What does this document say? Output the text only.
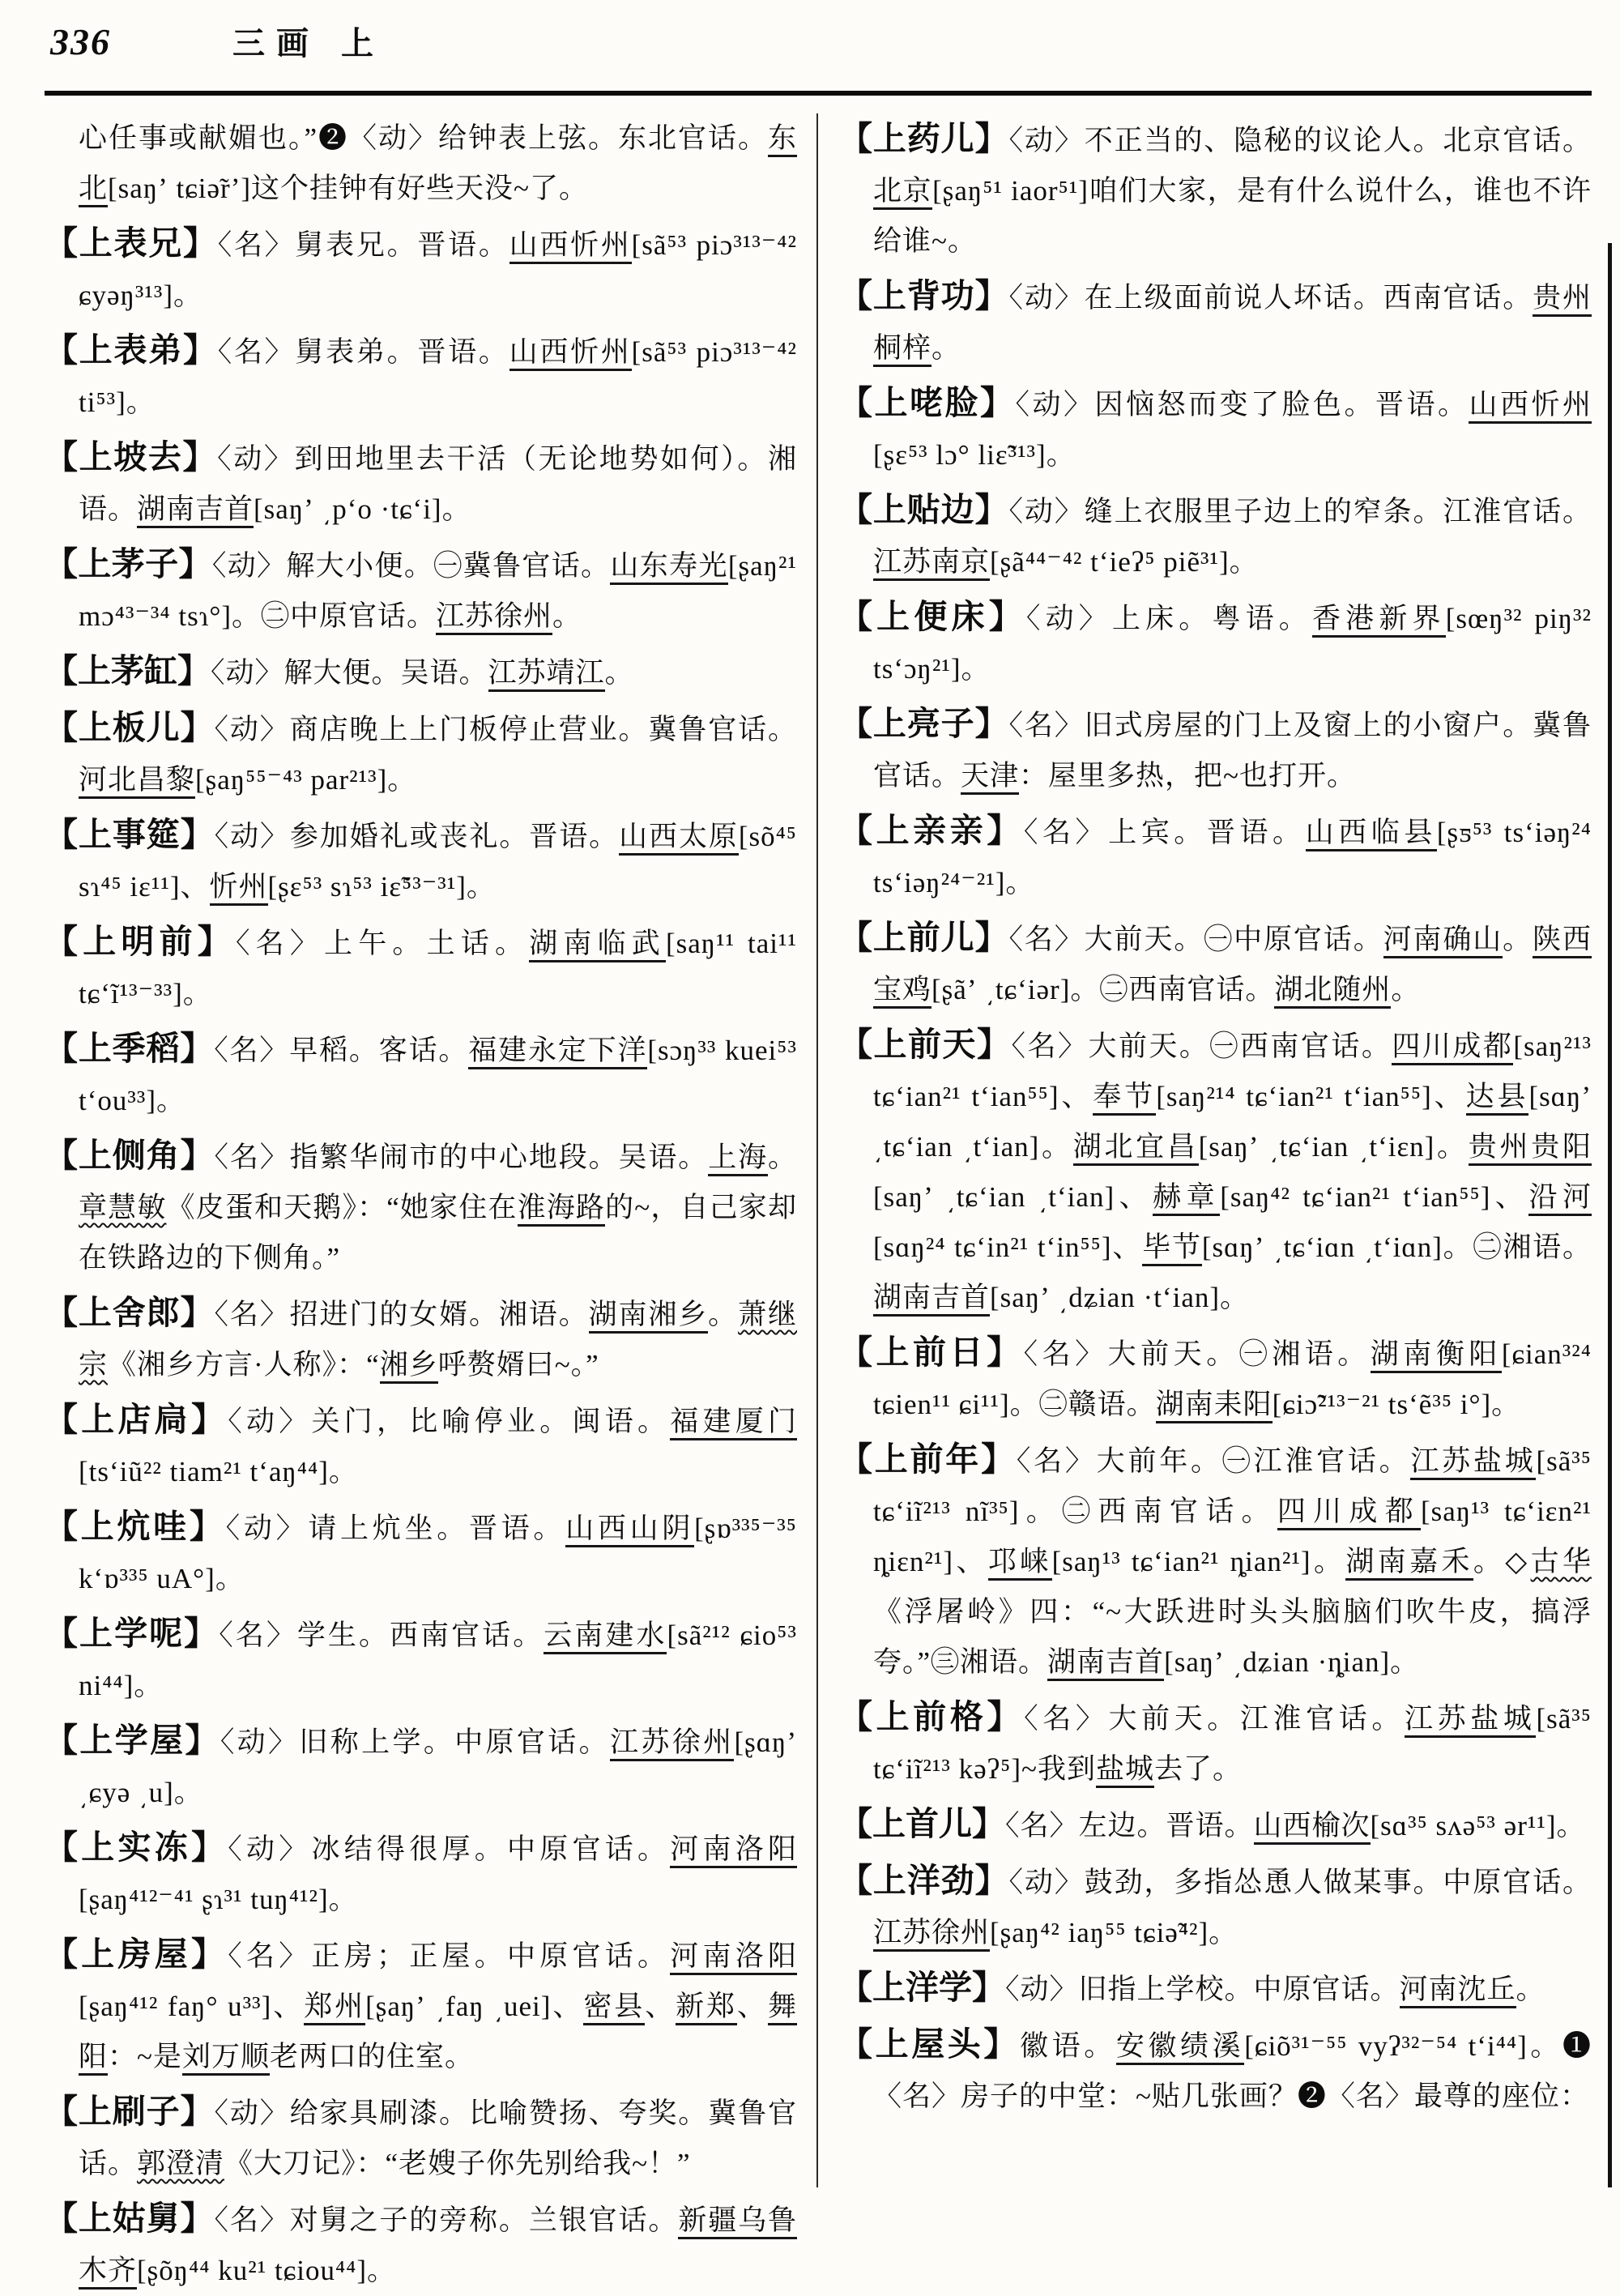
336	三画 上

心任事或献媚也。”❷〈动〉给钟表上弦。东北官话。东北[saŋʼ tɕiə̃rʼ]这个挂钟有好些天没~了。

【上表兄】〈名〉舅表兄。晋语。山西忻州[sã⁵³ piɔ³¹³⁻⁴² ɕyəŋ³¹³]。

【上表弟】〈名〉舅表弟。晋语。山西忻州[sã⁵³ piɔ³¹³⁻⁴² ti⁵³]。

【上坡去】〈动〉到田地里去干活（无论地势如何）。湘语。湖南吉首[saŋʼ ͵pʻo ·tɕʻi]。

【上茅子】〈动〉解大小便。㊀冀鲁官话。山东寿光[ʂaŋ²¹ mɔ⁴³⁻³⁴ tsɿ°]。㊁中原官话。江苏徐州。

【上茅缸】〈动〉解大便。吴语。江苏靖江。

【上板儿】〈动〉商店晚上上门板停止营业。冀鲁官话。河北昌黎[ʂaŋ⁵⁵⁻⁴³ par²¹³]。

【上事筵】〈动〉参加婚礼或丧礼。晋语。山西太原[sõ⁴⁵ sɿ⁴⁵ iɛ¹¹]、忻州[ʂɛ⁵³ sɿ⁵³ iɛ̃⁵³⁻³¹]。

【上明前】〈名〉上午。土话。湖南临武[saŋ¹¹ tai¹¹ tɕʻĩ¹³⁻³³]。

【上季稻】〈名〉早稻。客话。福建永定下洋[sɔŋ³³ kuei⁵³ tʻou³³]。

【上侧角】〈名〉指繁华闹市的中心地段。吴语。上海。章慧敏《皮蛋和天鹅》：“她家住在淮海路的~，自己家却在铁路边的下侧角。”

【上舍郎】〈名〉招进门的女婿。湘语。湖南湘乡。萧继宗《湘乡方言·人称》：“湘乡呼赘婿曰~。”

【上店扃】〈动〉关门，比喻停业。闽语。福建厦门[tsʻiũ²² tiam²¹ tʻaŋ⁴⁴]。

【上炕哇】〈动〉请上炕坐。晋语。山西山阴[ʂɒ³³⁵⁻³⁵ kʻɒ³³⁵ uA°]。

【上学呢】〈名〉学生。西南官话。云南建水[sã²¹² ɕio⁵³ ni⁴⁴]。

【上学屋】〈动〉旧称上学。中原官话。江苏徐州[ʂɑŋʼ ͵ɕyə ͵u]。

【上实冻】〈动〉冰结得很厚。中原官话。河南洛阳[ʂaŋ⁴¹²⁻⁴¹ ʂɿ³¹ tuŋ⁴¹²]。

【上房屋】〈名〉正房；正屋。中原官话。河南洛阳[ʂaŋ⁴¹² faŋ° u³³]、郑州[ʂaŋʼ ͵faŋ ͵uei]、密县、新郑、舞阳：~是刘万顺老两口的住室。

【上刷子】〈动〉给家具刷漆。比喻赞扬、夸奖。冀鲁官话。郭澄清《大刀记》：“老嫂子你先别给我~！”

【上姑舅】〈名〉对舅之子的旁称。兰银官话。新疆乌鲁木齐[ʂõŋ⁴⁴ ku²¹ tɕiou⁴⁴]。

【上药儿】〈动〉不正当的、隐秘的议论人。北京官话。北京[ʂaŋ⁵¹ iaor⁵¹]咱们大家，是有什么说什么，谁也不许给谁~。

【上背功】〈动〉在上级面前说人坏话。西南官话。贵州桐梓。

【上咾脸】〈动〉因恼怒而变了脸色。晋语。山西忻州[ʂɛ⁵³ lɔ° liɛ̃³¹³]。

【上贴边】〈动〉缝上衣服里子边上的窄条。江淮官话。江苏南京[ʂã⁴⁴⁻⁴² tʻieʔ⁵ piẽ³¹]。

【上便床】〈动〉上床。粤语。香港新界[sœŋ³² piŋ³² tsʻɔŋ²¹]。

【上亮子】〈名〉旧式房屋的门上及窗上的小窗户。冀鲁官话。天津：屋里多热，把~也打开。

【上亲亲】〈名〉上宾。晋语。山西临县[ʂƽ⁵³ tsʻiəŋ²⁴ tsʻiəŋ²⁴⁻²¹]。

【上前儿】〈名〉大前天。㊀中原官话。河南确山。陕西宝鸡[ʂãʼ ͵tɕʻiər]。㊁西南官话。湖北随州。

【上前天】〈名〉大前天。㊀西南官话。四川成都[saŋ²¹³ tɕʻian²¹ tʻian⁵⁵]、奉节[saŋ²¹⁴ tɕʻian²¹ tʻian⁵⁵]、达县[sɑŋʼ ͵tɕʻian ͵tʻian]。湖北宜昌[saŋʼ ͵tɕʻian ͵tʻiɛn]。贵州贵阳[saŋʼ ͵tɕʻian ͵tʻian]、赫章[saŋ⁴² tɕʻian²¹ tʻian⁵⁵]、沿河[sɑŋ²⁴ tɕʻin²¹ tʻin⁵⁵]、毕节[sɑŋʼ ͵tɕʻiɑn ͵tʻiɑn]。㊁湘语。湖南吉首[saŋʼ ͵dʑian ·tʻian]。

【上前日】〈名〉大前天。㊀湘语。湖南衡阳[ɕian³²⁴ tɕien¹¹ ɕi¹¹]。㊁赣语。湖南耒阳[ɕiɔ̃²¹³⁻²¹ tsʻẽ³⁵ i°]。

【上前年】〈名〉大前年。㊀江淮官话。江苏盐城[sã³⁵ tɕʻiĩ²¹³ nĩ³⁵]。㊁西南官话。四川成都[saŋ¹³ tɕʻiɛn²¹ ȵiɛn²¹]、邛崃[saŋ¹³ tɕʻian²¹ ȵian²¹]。湖南嘉禾。◇古华《浮屠岭》四：“~大跃进时头头脑脑们吹牛皮，搞浮夸。”㊂湘语。湖南吉首[saŋʼ ͵dʑian ·ȵian]。

【上前格】〈名〉大前天。江淮官话。江苏盐城[sã³⁵ tɕʻiĩ²¹³ kəʔ⁵]~我到盐城去了。

【上首儿】〈名〉左边。晋语。山西榆次[sɑ³⁵ sʌə⁵³ ər¹¹]。

【上洋劲】〈动〉鼓劲，多指怂恿人做某事。中原官话。江苏徐州[ʂaŋ⁴² iaŋ⁵⁵ tɕiə̃⁴²]。

【上洋学】〈动〉旧指上学校。中原官话。河南沈丘。

【上屋头】徽语。安徽绩溪[ɕiõ³¹⁻⁵⁵ vyʔ³²⁻⁵⁴ tʻi⁴⁴]。❶〈名〉房子的中堂：~贴几张画？❷〈名〉最尊的座位：
